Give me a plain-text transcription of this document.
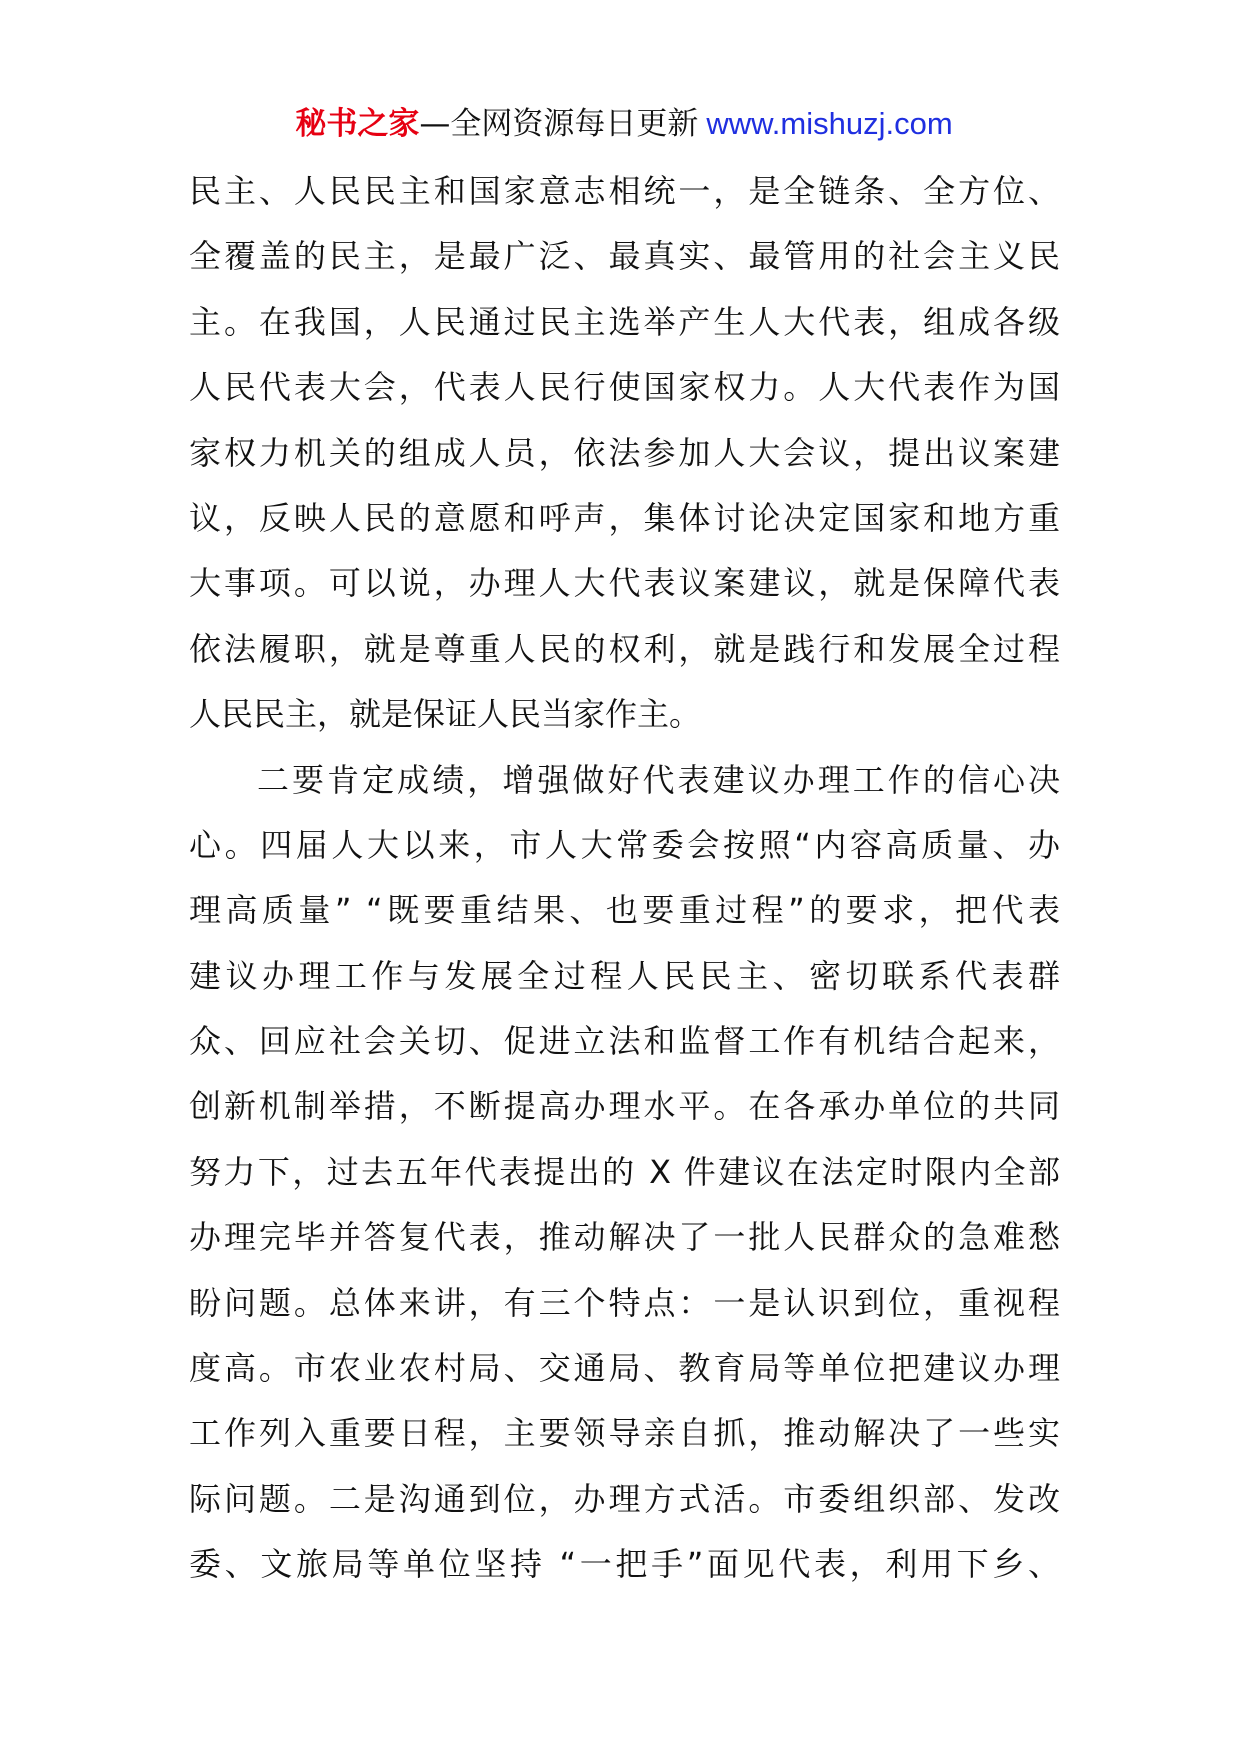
秘书之家—全网资源每日更新 www.mishuzj.com
民主、人民民主和国家意志相统一，是全链条、全方位、
全覆盖的民主，是最广泛、最真实、最管用的社会主义民
主。在我国，人民通过民主选举产生人大代表，组成各级
人民代表大会，代表人民行使国家权力。人大代表作为国
家权力机关的组成人员，依法参加人大会议，提出议案建
议，反映人民的意愿和呼声，集体讨论决定国家和地方重
大事项。可以说，办理人大代表议案建议，就是保障代表
依法履职，就是尊重人民的权利，就是践行和发展全过程
人民民主，就是保证人民当家作主。
二要肯定成绩，增强做好代表建议办理工作的信心决
心。四届人大以来，市人大常委会按照“内容高质量、办
理高质量” “既要重结果、也要重过程”的要求，把代表
建议办理工作与发展全过程人民民主、密切联系代表群
众、回应社会关切、促进立法和监督工作有机结合起来，
创新机制举措，不断提高办理水平。在各承办单位的共同
努力下，过去五年代表提出的 X 件建议在法定时限内全部
办理完毕并答复代表，推动解决了一批人民群众的急难愁
盼问题。总体来讲，有三个特点：一是认识到位，重视程
度高。市农业农村局、交通局、教育局等单位把建议办理
工作列入重要日程，主要领导亲自抓，推动解决了一些实
际问题。二是沟通到位，办理方式活。市委组织部、发改
委、文旅局等单位坚持 “一把手”面见代表，利用下乡、
